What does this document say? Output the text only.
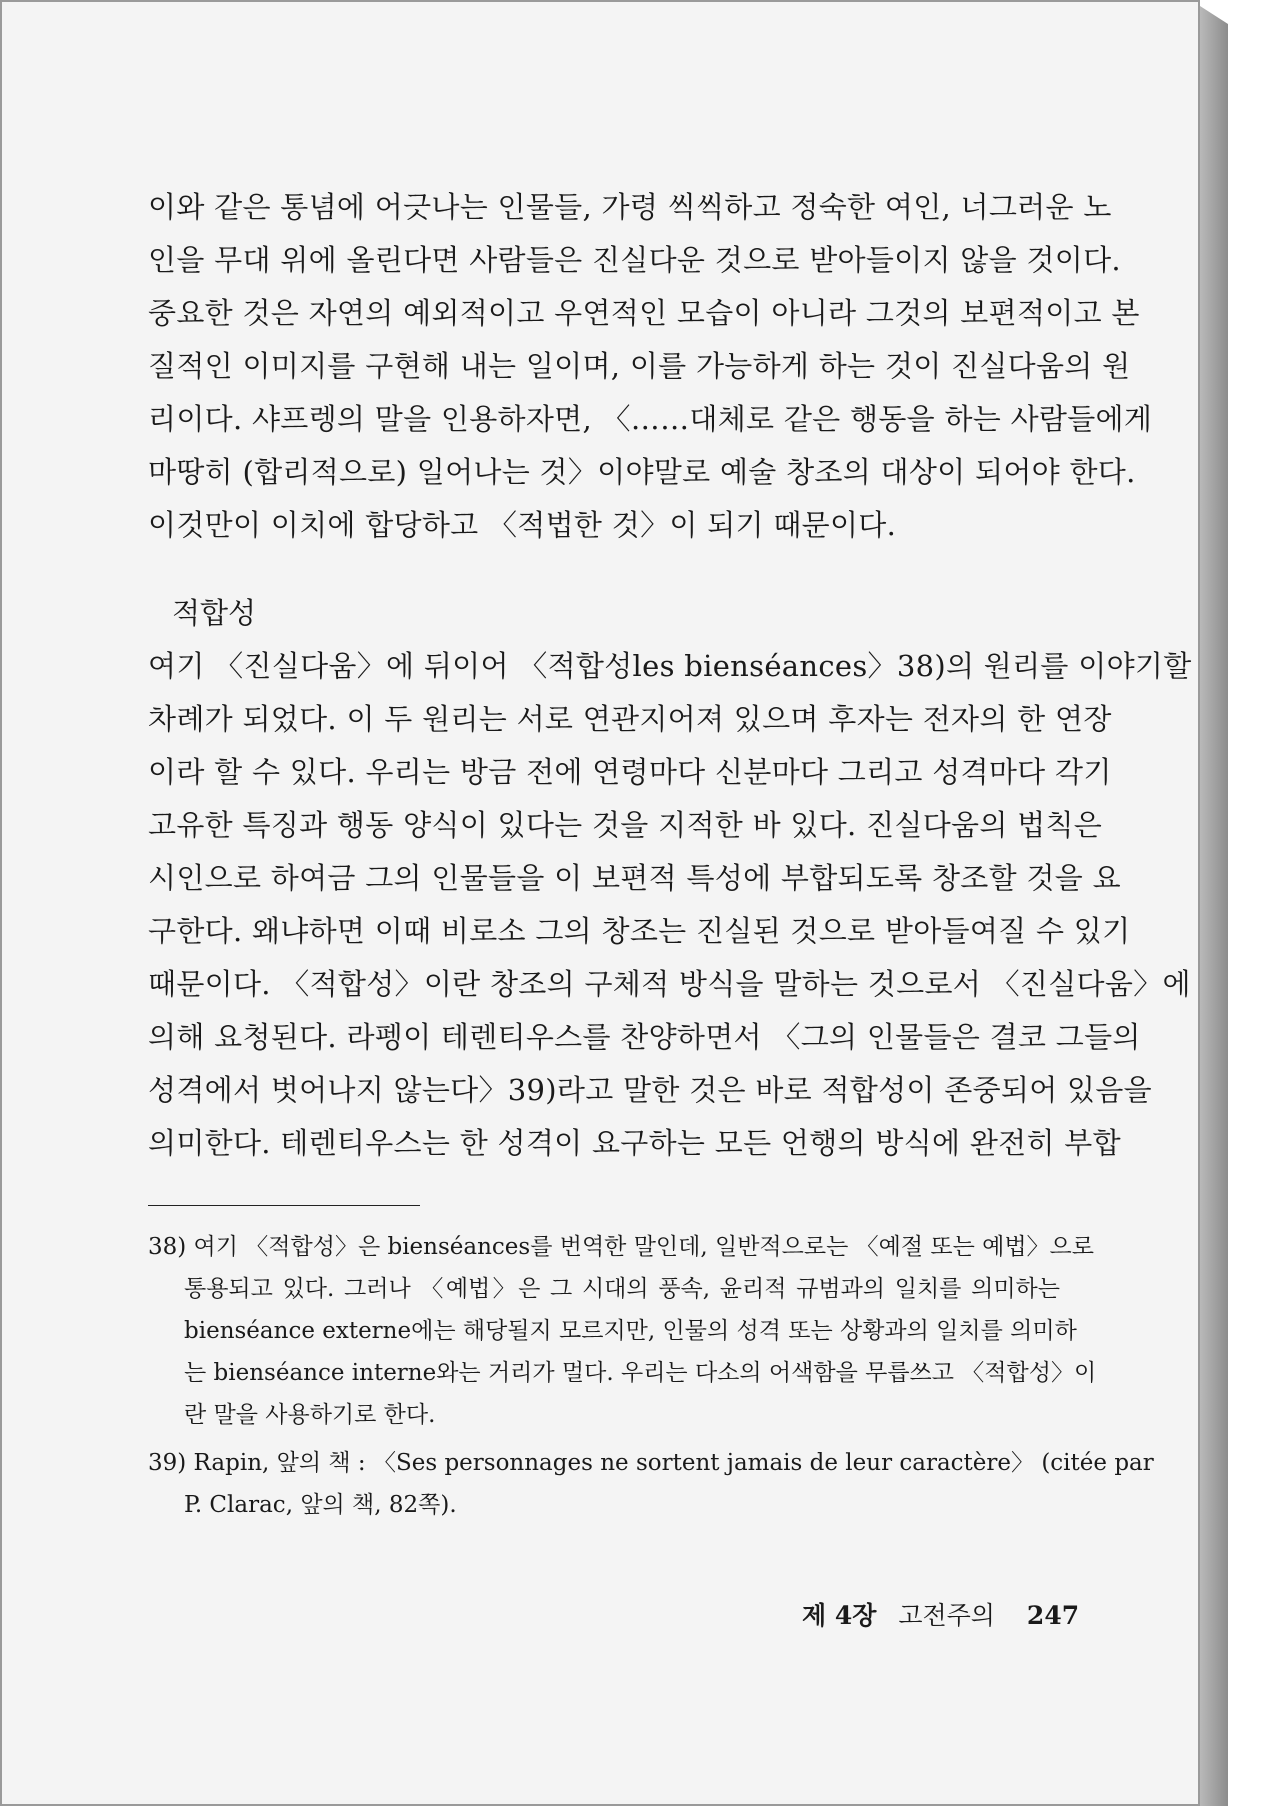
이와 같은 통념에 어긋나는 인물들, 가령 씩씩하고 정숙한 여인, 너그러운 노
인을 무대 위에 올린다면 사람들은 진실다운 것으로 받아들이지 않을 것이다.
중요한 것은 자연의 예외적이고 우연적인 모습이 아니라 그것의 보편적이고 본
질적인 이미지를 구현해 내는 일이며, 이를 가능하게 하는 것이 진실다움의 원
리이다. 샤프렝의 말을 인용하자면, 〈……대체로 같은 행동을 하는 사람들에게
마땅히 (합리적으로) 일어나는 것〉이야말로 예술 창조의 대상이 되어야 한다.
이것만이 이치에 합당하고 〈적법한 것〉이 되기 때문이다.
적합성
여기 〈진실다움〉에 뒤이어 〈적합성les bienséances〉38)의 원리를 이야기할
차례가 되었다. 이 두 원리는 서로 연관지어져 있으며 후자는 전자의 한 연장
이라 할 수 있다. 우리는 방금 전에 연령마다 신분마다 그리고 성격마다 각기
고유한 특징과 행동 양식이 있다는 것을 지적한 바 있다. 진실다움의 법칙은
시인으로 하여금 그의 인물들을 이 보편적 특성에 부합되도록 창조할 것을 요
구한다. 왜냐하면 이때 비로소 그의 창조는 진실된 것으로 받아들여질 수 있기
때문이다. 〈적합성〉이란 창조의 구체적 방식을 말하는 것으로서 〈진실다움〉에
의해 요청된다. 라펭이 테렌티우스를 찬양하면서 〈그의 인물들은 결코 그들의
성격에서 벗어나지 않는다〉39)라고 말한 것은 바로 적합성이 존중되어 있음을
의미한다. 테렌티우스는 한 성격이 요구하는 모든 언행의 방식에 완전히 부합
38) 여기 〈적합성〉은 bienséances를 번역한 말인데, 일반적으로는 〈예절 또는 예법〉으로
통용되고 있다. 그러나 〈예법〉은 그 시대의 풍속, 윤리적 규범과의 일치를 의미하는
bienséance externe에는 해당될지 모르지만, 인물의 성격 또는 상황과의 일치를 의미하
는 bienséance interne와는 거리가 멀다. 우리는 다소의 어색함을 무릅쓰고 〈적합성〉이
란 말을 사용하기로 한다.
39) Rapin, 앞의 책 : 〈Ses personnages ne sortent jamais de leur caractère〉 (citée par
P. Clarac, 앞의 책, 82쪽).
제 4장 고전주의 247
